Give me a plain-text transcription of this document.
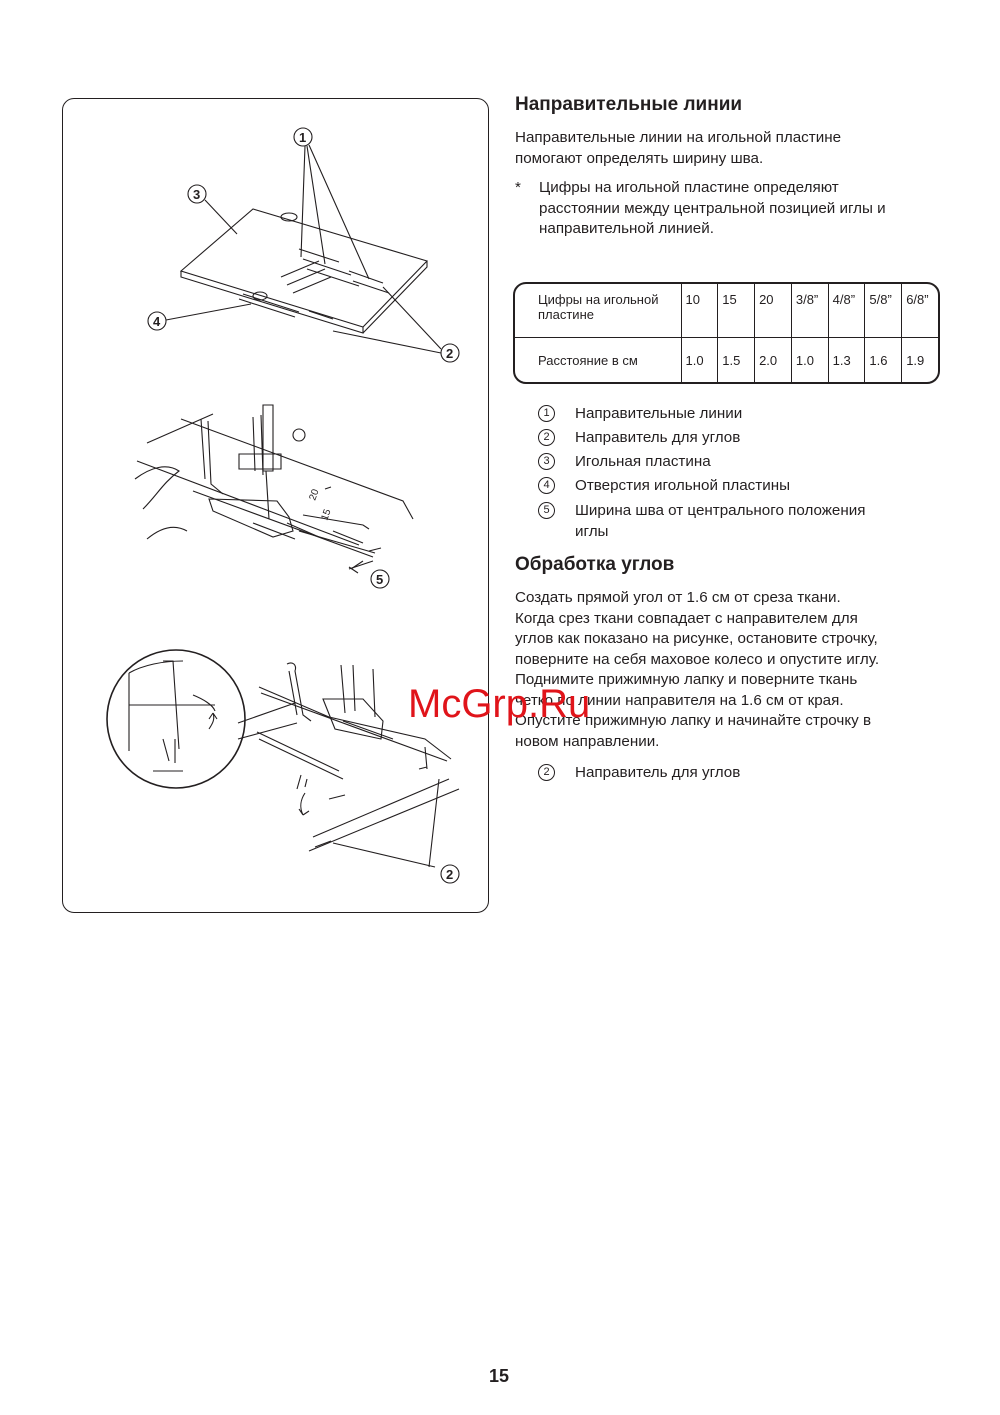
1
2
3
4
20
15
5
2
Направительные линии

Направительные линии на игольной пластине
помогают определять ширину шва.

* Цифры на игольной пластине определяют
расстоянии между центральной позицией иглы и
направительной линией.
Цифры на игольной
пластине	10	15	20	3/8”	4/8”	5/8”	6/8”
Расстояние в см	1.0	1.5	2.0	1.0	1.3	1.6	1.9
1	Направительные линии
2	Направитель для углов
3	Игольная пластина
4	Отверстия игольной пластины
5	Ширина шва от центрального положения
иглы
Обработка углов

Создать прямой угол от 1.6 см от среза ткани.
Когда срез ткани совпадает с направителем для
углов как показано на рисунке, остановите строчку,
поверните на себя маховое колесо и опустите иглу.
Поднимите прижимную лапку и поверните ткань
четко по линии направителя на 1.6 см от края.
Опустите прижимную лапку и начинайте строчку в
новом направлении.

2	Направитель для углов
McGrp.Ru
15
